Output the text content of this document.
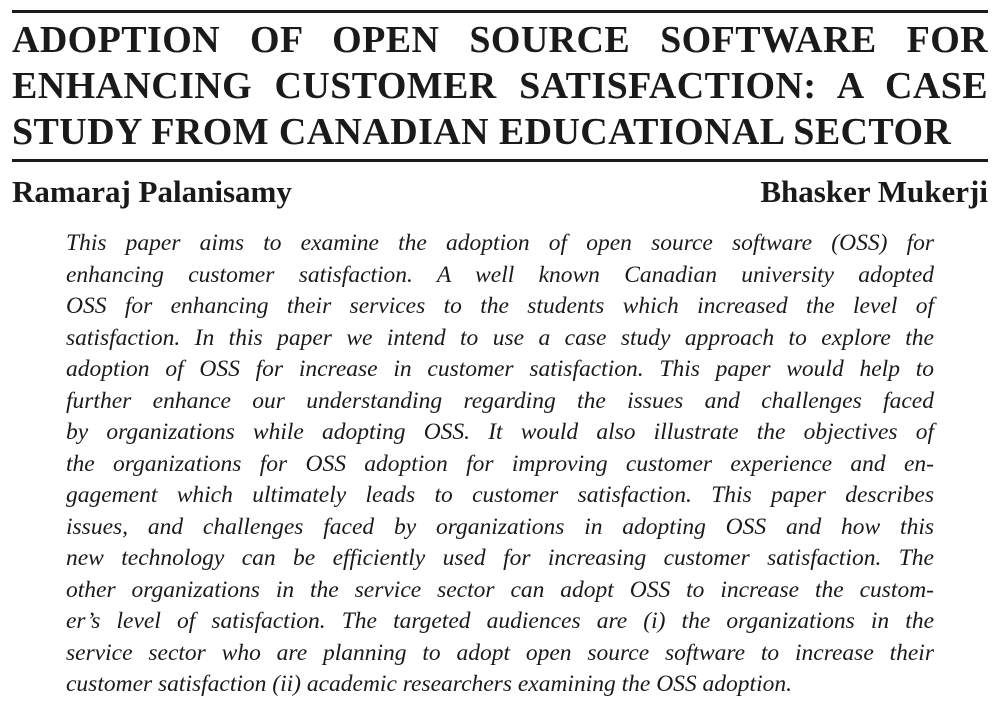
ADOPTION OF OPEN SOURCE SOFTWARE FOR
ENHANCING CUSTOMER SATISFACTION: A CASE
STUDY FROM CANADIAN EDUCATIONAL SECTOR
Ramaraj Palanisamy	Bhasker Mukerji
This paper aims to examine the adoption of open source software (OSS) for
enhancing customer satisfaction. A well known Canadian university adopted
OSS for enhancing their services to the students which increased the level of
satisfaction. In this paper we intend to use a case study approach to explore the
adoption of OSS for increase in customer satisfaction. This paper would help to
further enhance our understanding regarding the issues and challenges faced
by organizations while adopting OSS. It would also illustrate the objectives of
the organizations for OSS adoption for improving customer experience and en-
gagement which ultimately leads to customer satisfaction. This paper describes
issues, and challenges faced by organizations in adopting OSS and how this
new technology can be efficiently used for increasing customer satisfaction. The
other organizations in the service sector can adopt OSS to increase the custom-
er’s level of satisfaction. The targeted audiences are (i) the organizations in the
service sector who are planning to adopt open source software to increase their
customer satisfaction (ii) academic researchers examining the OSS adoption.
